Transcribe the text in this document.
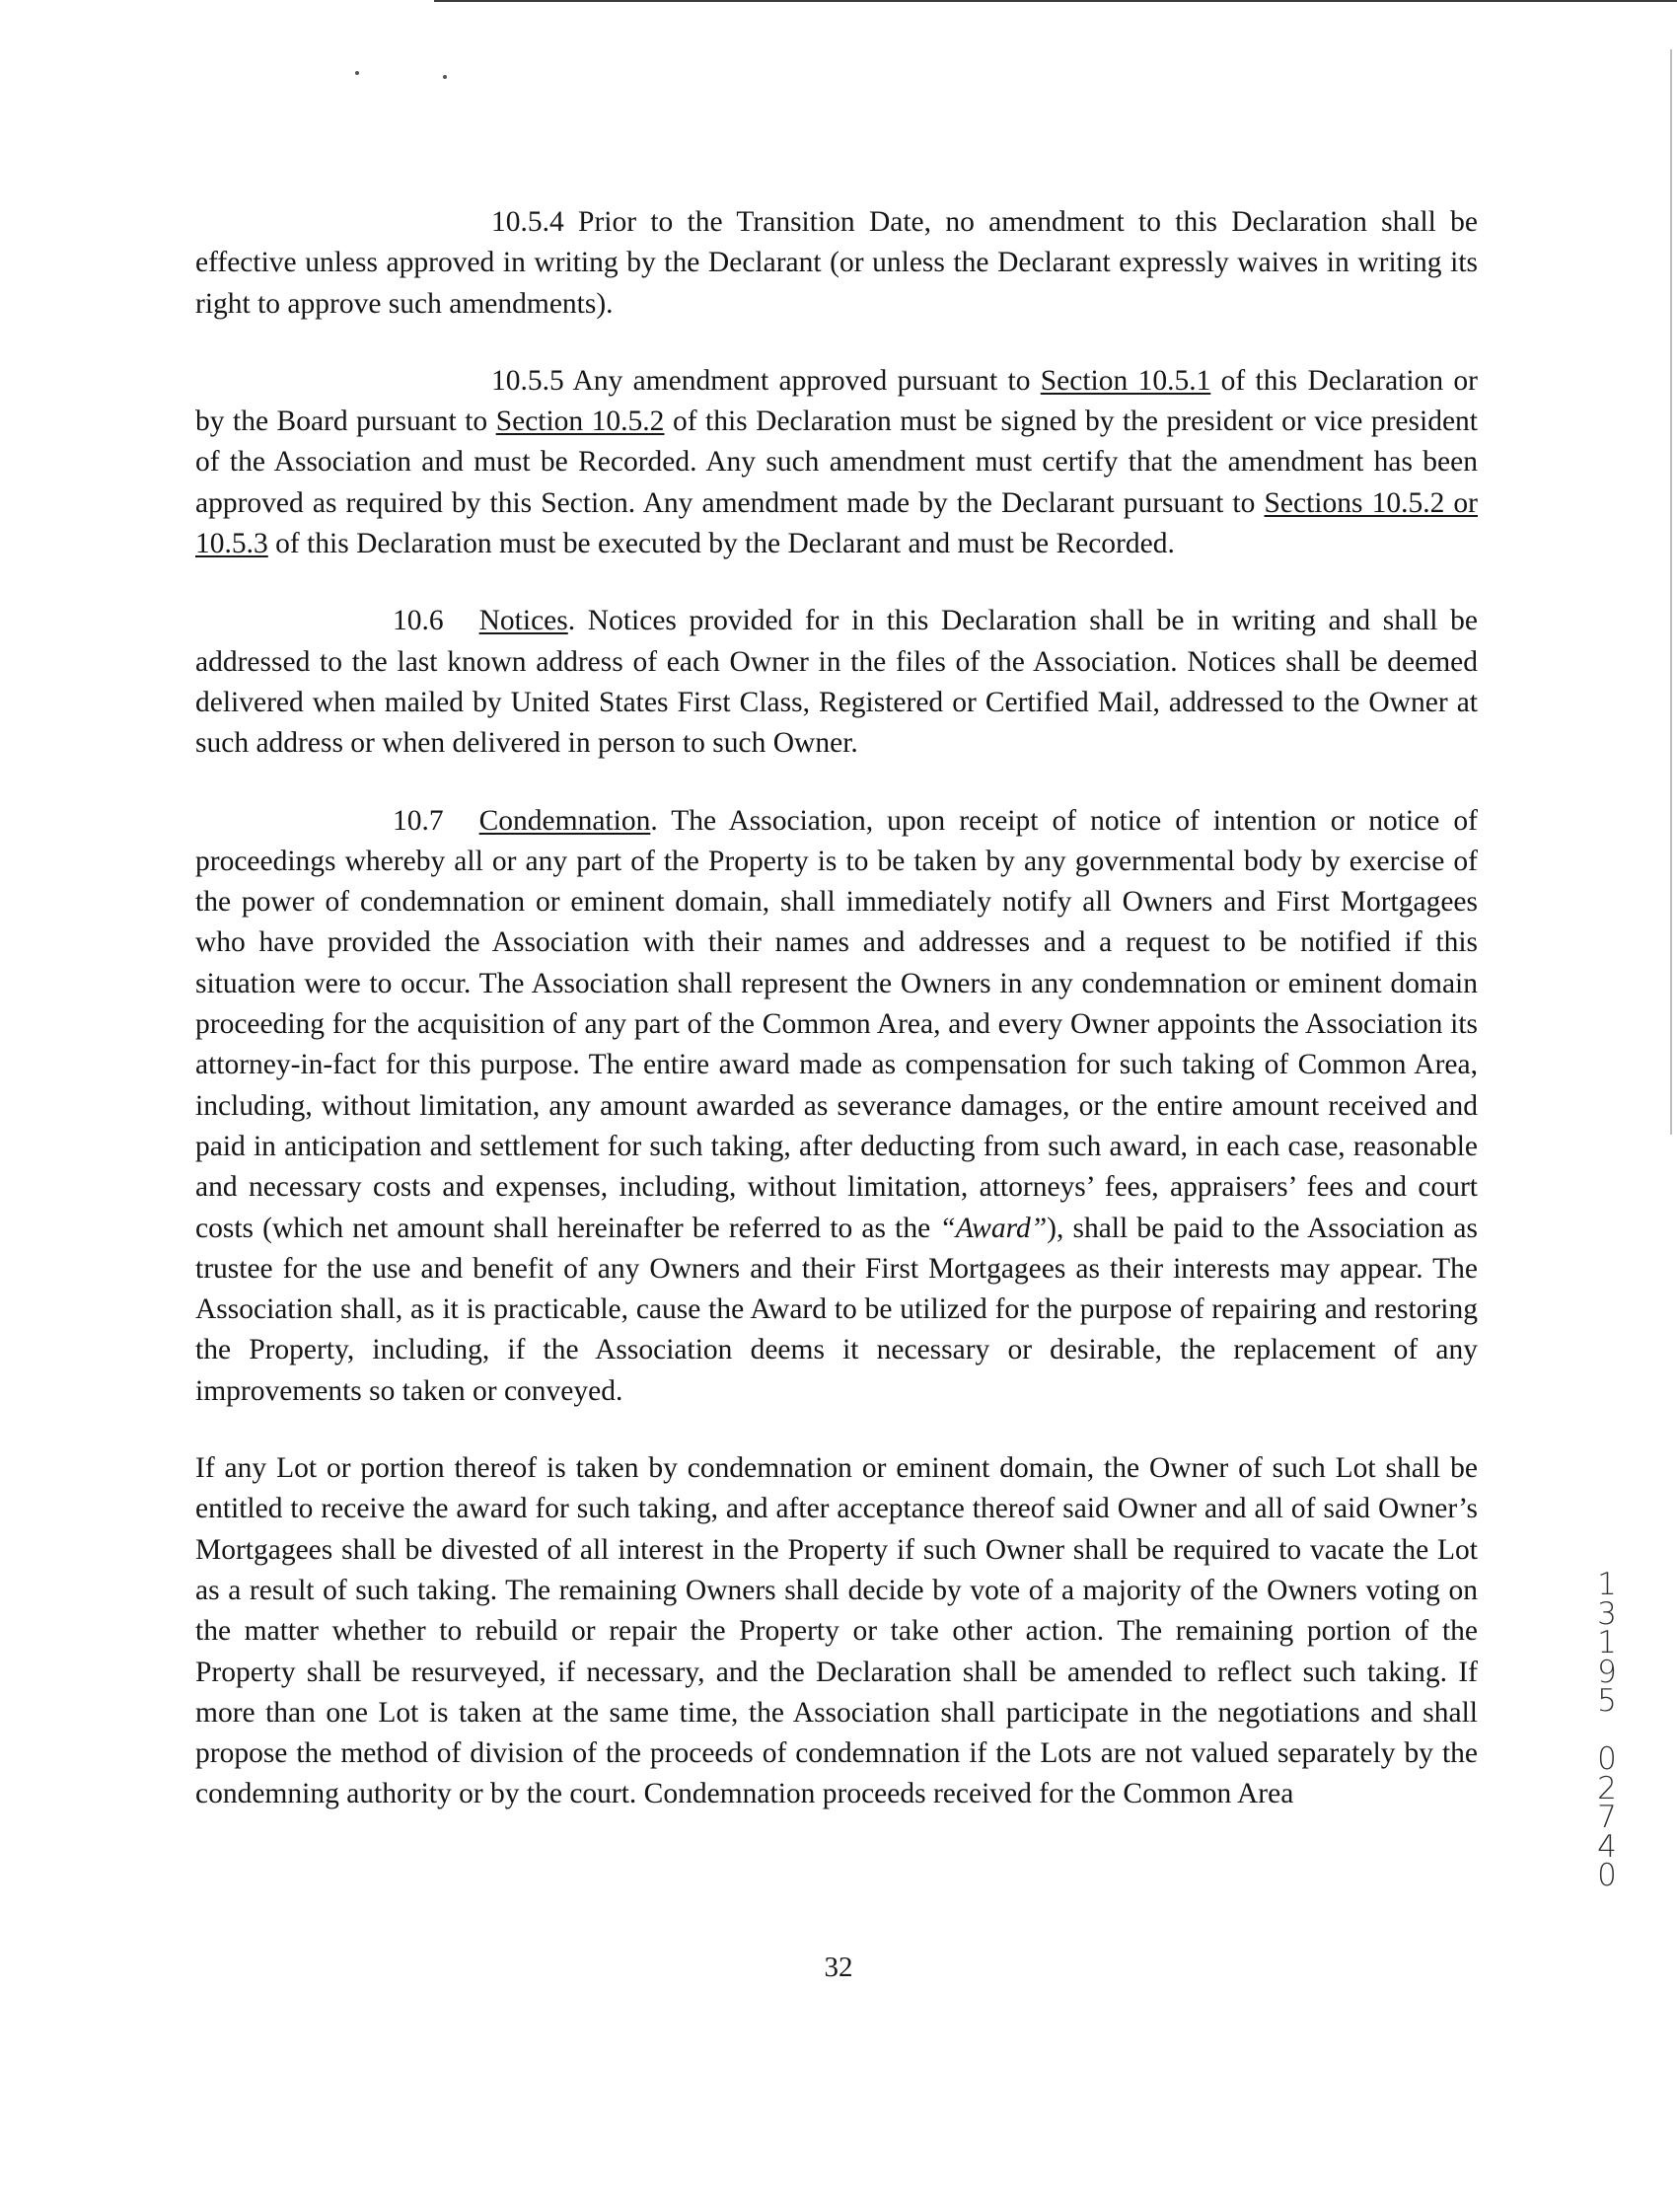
10.5.4 Prior to the Transition Date, no amendment to this Declaration shall be effective unless approved in writing by the Declarant (or unless the Declarant expressly waives in writing its right to approve such amendments).

10.5.5 Any amendment approved pursuant to Section 10.5.1 of this Declaration or by the Board pursuant to Section 10.5.2 of this Declaration must be signed by the president or vice president of the Association and must be Recorded. Any such amendment must certify that the amendment has been approved as required by this Section. Any amendment made by the Declarant pursuant to Sections 10.5.2 or 10.5.3 of this Declaration must be executed by the Declarant and must be Recorded.

10.6 Notices. Notices provided for in this Declaration shall be in writing and shall be addressed to the last known address of each Owner in the files of the Association. Notices shall be deemed delivered when mailed by United States First Class, Registered or Certified Mail, addressed to the Owner at such address or when delivered in person to such Owner.

10.7 Condemnation. The Association, upon receipt of notice of intention or notice of proceedings whereby all or any part of the Property is to be taken by any governmental body by exercise of the power of condemnation or eminent domain, shall immediately notify all Owners and First Mortgagees who have provided the Association with their names and addresses and a request to be notified if this situation were to occur. The Association shall represent the Owners in any condemnation or eminent domain proceeding for the acquisition of any part of the Common Area, and every Owner appoints the Association its attorney-in-fact for this purpose. The entire award made as compensation for such taking of Common Area, including, without limitation, any amount awarded as severance damages, or the entire amount received and paid in anticipation and settlement for such taking, after deducting from such award, in each case, reasonable and necessary costs and expenses, including, without limitation, attorneys’ fees, appraisers’ fees and court costs (which net amount shall hereinafter be referred to as the “Award”), shall be paid to the Association as trustee for the use and benefit of any Owners and their First Mortgagees as their interests may appear. The Association shall, as it is practicable, cause the Award to be utilized for the purpose of repairing and restoring the Property, including, if the Association deems it necessary or desirable, the replacement of any improvements so taken or conveyed.

If any Lot or portion thereof is taken by condemnation or eminent domain, the Owner of such Lot shall be entitled to receive the award for such taking, and after acceptance thereof said Owner and all of said Owner’s Mortgagees shall be divested of all interest in the Property if such Owner shall be required to vacate the Lot as a result of such taking. The remaining Owners shall decide by vote of a majority of the Owners voting on the matter whether to rebuild or repair the Property or take other action. The remaining portion of the Property shall be resurveyed, if necessary, and the Declaration shall be amended to reflect such taking. If more than one Lot is taken at the same time, the Association shall participate in the negotiations and shall propose the method of division of the proceeds of condemnation if the Lots are not valued separately by the condemning authority or by the court. Condemnation proceeds received for the Common Area

32
1
3
1
9
5
0
2
7
4
0
